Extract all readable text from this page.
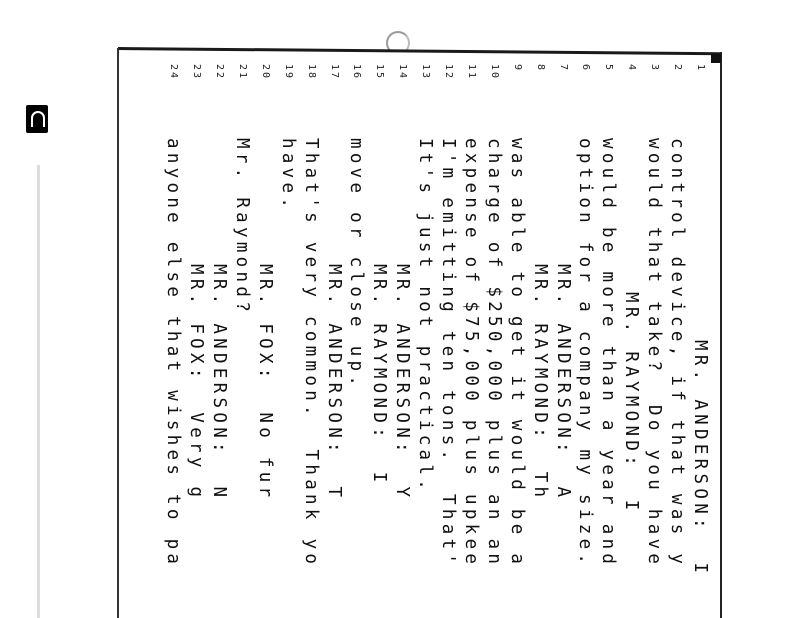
1
MR. ANDERSON:  I
2
control device, if that was y
3
would that take?  Do you have
4
MR. RAYMOND:  I
5
would be more than a year and
6
option for a company my size.
7
MR. ANDERSON:  A
8
MR. RAYMOND:  Th
9
was able to get it would be a
10
charge of $250,000 plus an an
11
expense of $75,000 plus upkee
12
I'm emitting ten tons.  That'
13
It's just not practical.
14
MR. ANDERSON:  Y
15
MR. RAYMOND:  I
16
move or close up.
17
MR. ANDERSON:  T
18
That's very common.  Thank yo
19
have.
20
MR. FOX:  No fur
21
Mr. Raymond?
22
MR. ANDERSON:  N
23
MR. FOX:  Very g
24
anyone else that wishes to pa
